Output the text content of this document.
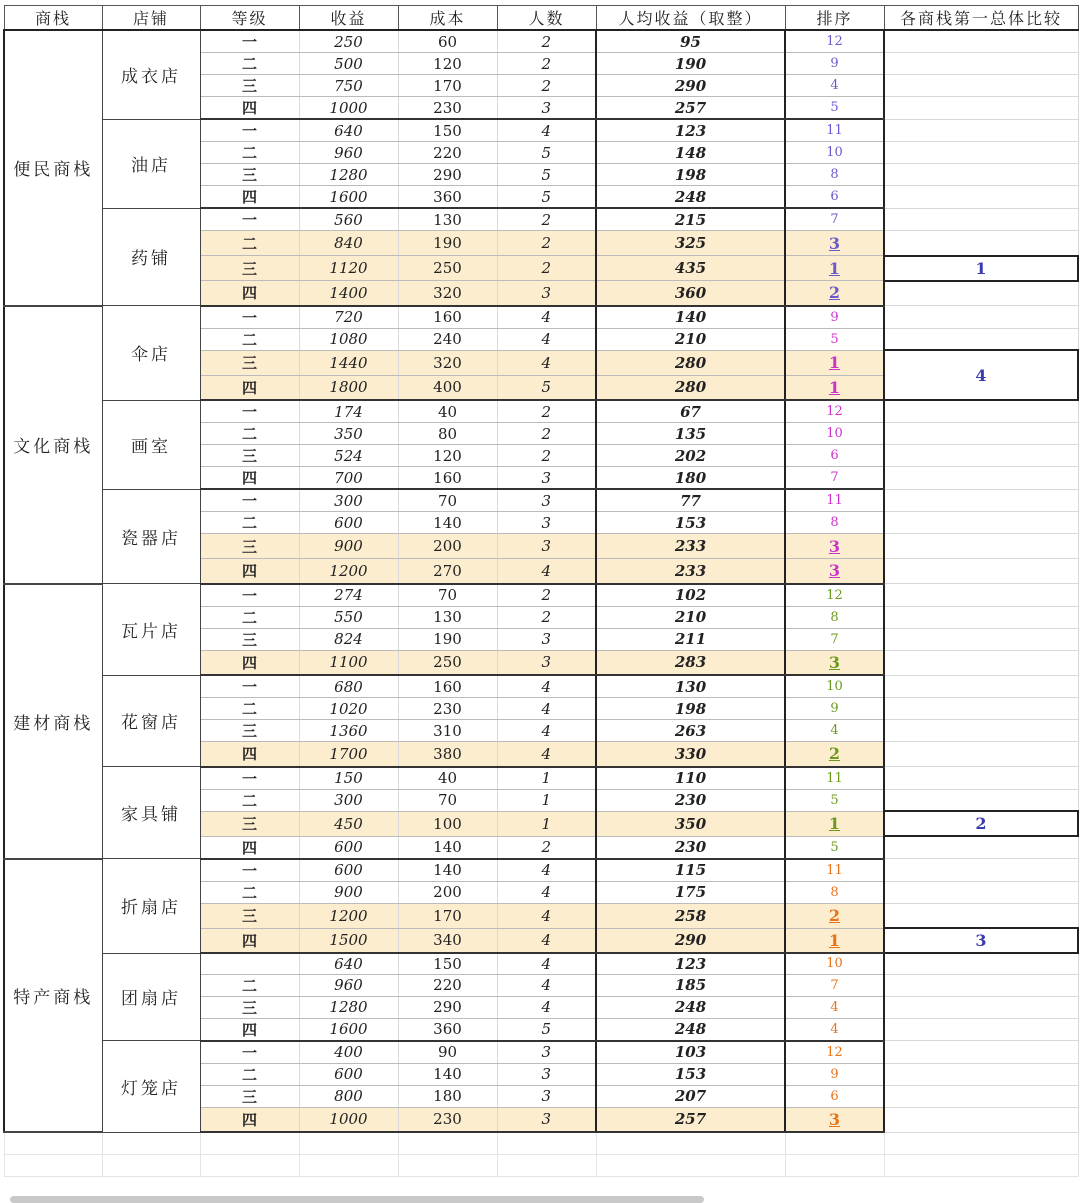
商栈	店铺	等级	收益	成本	人数	人均收益（取整）	排序	各商栈第一总体比较
便民商栈	成衣店	一	250	60	2	95	12	
		二	500	120	2	190	9	
		三	750	170	2	290	4	
		四	1000	230	3	257	5	
	油店	一	640	150	4	123	11	
		二	960	220	5	148	10	
		三	1280	290	5	198	8	
		四	1600	360	5	248	6	
	药铺	一	560	130	2	215	7	
		二	840	190	2	325	3	
		三	1120	250	2	435	1	1
		四	1400	320	3	360	2	
文化商栈	伞店	一	720	160	4	140	9	
		二	1080	240	4	210	5	
		三	1440	320	4	280	1	4
		四	1800	400	5	280	1	
	画室	一	174	40	2	67	12	
		二	350	80	2	135	10	
		三	524	120	2	202	6	
		四	700	160	3	180	7	
	瓷器店	一	300	70	3	77	11	
		二	600	140	3	153	8	
		三	900	200	3	233	3	
		四	1200	270	4	233	3	
建材商栈	瓦片店	一	274	70	2	102	12	
		二	550	130	2	210	8	
		三	824	190	3	211	7	
		四	1100	250	3	283	3	
	花窗店	一	680	160	4	130	10	
		二	1020	230	4	198	9	
		三	1360	310	4	263	4	
		四	1700	380	4	330	2	
	家具铺	一	150	40	1	110	11	
		二	300	70	1	230	5	
		三	450	100	1	350	1	2
		四	600	140	2	230	5	
特产商栈	折扇店	一	600	140	4	115	11	
		二	900	200	4	175	8	
		三	1200	170	4	258	2	
		四	1500	340	4	290	1	3
	团扇店		640	150	4	123	10	
		二	960	220	4	185	7	
		三	1280	290	4	248	4	
		四	1600	360	5	248	4	
	灯笼店	一	400	90	3	103	12	
		二	600	140	3	153	9	
		三	800	180	3	207	6	
		四	1000	230	3	257	3	
